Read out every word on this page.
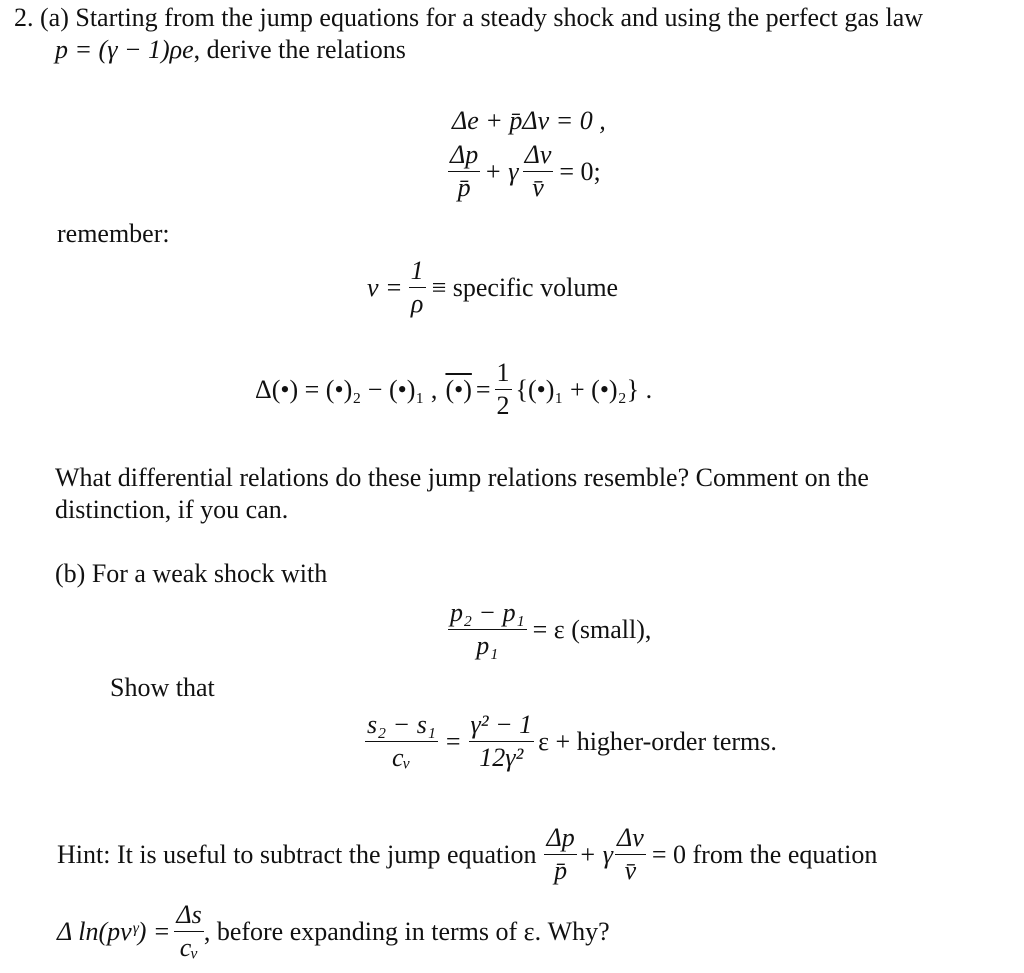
2. (a) Starting from the jump equations for a steady shock and using the perfect gas law
p = (γ − 1)ρe, derive the relations
Δe + p̄Δv = 0 ,
$\frac{\Delta p}{p̄} + \gamma \frac{\Delta v}{v̄} = 0$;
remember:
$v = \frac{1}{\rho}$ ≡ specific volume
Δ(•) = (•)₂ − (•)₁ , (•) = $\frac{1}{2}$ {(•)₁ + (•)₂} .
What differential relations do these jump relations resemble? Comment on the
distinction, if you can.
(b) For a weak shock with
$\frac{\text{p₂ − p₁}}{\text{p₁}} = \varepsilon$ (small),
Show that
$\frac{\text{s₂ − s₁}}{\text{cᵥ}} = \frac{\text{γ² − 1}}{\text{12γ²}}$ ε + higher-order terms.
Hint: It is useful to subtract the jump equation $\frac{\Delta p}{p̄} + \gamma \frac{\Delta v}{v̄} = 0$ from the equation
Δ ln(pvᵞ) = $\frac{\Delta s}{\text{cᵥ}}$ , before expanding in terms of ε. Why?
